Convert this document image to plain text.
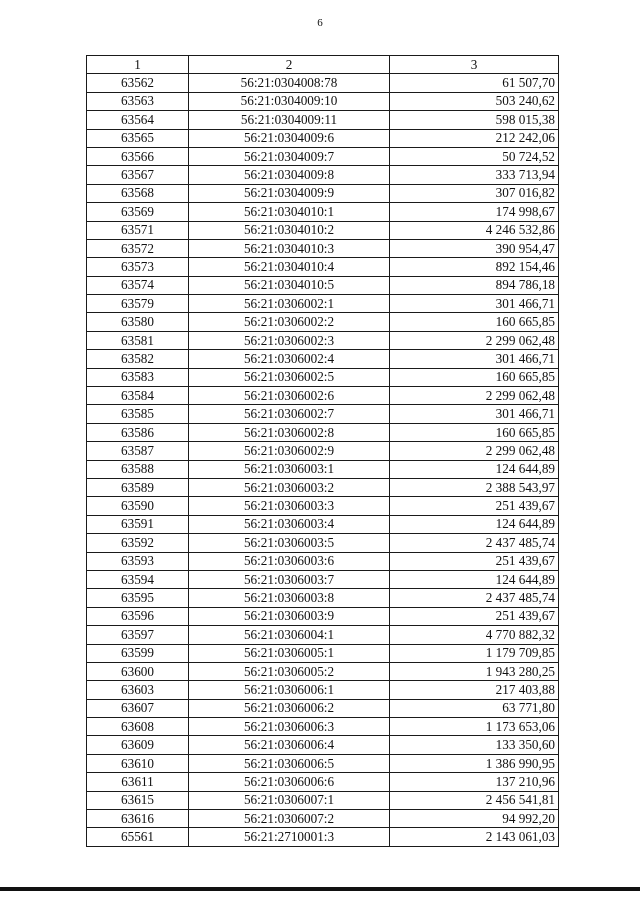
6
1	2	3
63562	56:21:0304008:78	61 507,70
63563	56:21:0304009:10	503 240,62
63564	56:21:0304009:11	598 015,38
63565	56:21:0304009:6	212 242,06
63566	56:21:0304009:7	50 724,52
63567	56:21:0304009:8	333 713,94
63568	56:21:0304009:9	307 016,82
63569	56:21:0304010:1	174 998,67
63571	56:21:0304010:2	4 246 532,86
63572	56:21:0304010:3	390 954,47
63573	56:21:0304010:4	892 154,46
63574	56:21:0304010:5	894 786,18
63579	56:21:0306002:1	301 466,71
63580	56:21:0306002:2	160 665,85
63581	56:21:0306002:3	2 299 062,48
63582	56:21:0306002:4	301 466,71
63583	56:21:0306002:5	160 665,85
63584	56:21:0306002:6	2 299 062,48
63585	56:21:0306002:7	301 466,71
63586	56:21:0306002:8	160 665,85
63587	56:21:0306002:9	2 299 062,48
63588	56:21:0306003:1	124 644,89
63589	56:21:0306003:2	2 388 543,97
63590	56:21:0306003:3	251 439,67
63591	56:21:0306003:4	124 644,89
63592	56:21:0306003:5	2 437 485,74
63593	56:21:0306003:6	251 439,67
63594	56:21:0306003:7	124 644,89
63595	56:21:0306003:8	2 437 485,74
63596	56:21:0306003:9	251 439,67
63597	56:21:0306004:1	4 770 882,32
63599	56:21:0306005:1	1 179 709,85
63600	56:21:0306005:2	1 943 280,25
63603	56:21:0306006:1	217 403,88
63607	56:21:0306006:2	63 771,80
63608	56:21:0306006:3	1 173 653,06
63609	56:21:0306006:4	133 350,60
63610	56:21:0306006:5	1 386 990,95
63611	56:21:0306006:6	137 210,96
63615	56:21:0306007:1	2 456 541,81
63616	56:21:0306007:2	94 992,20
65561	56:21:2710001:3	2 143 061,03
